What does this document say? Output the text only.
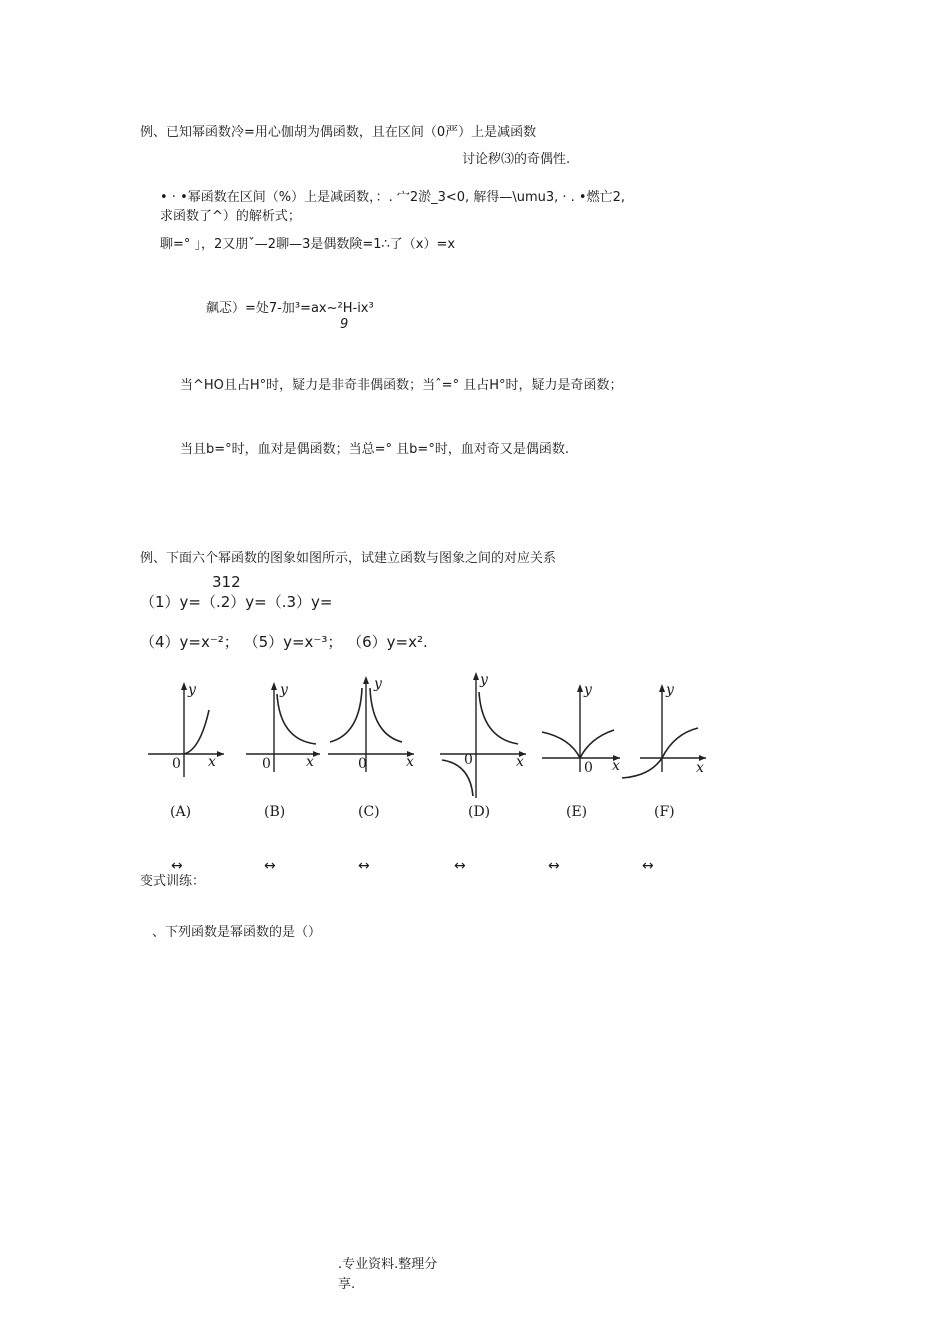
例、已知幂函数冷=用心伽胡为偶函数，且在区间（0严）上是减函数
讨论秽⑶的奇偶性.
• · •幂函数在区间（%）上是减函数，：. 宀2淤_3<0, 解得—\umu3, · . •燃亡2,
求函数了^）的解析式；
聊=° 」，2又朋ˇ—2聊—3是偶数険=1∴了（x）=x
飙忑）=处7-加³=ax~²H-ix³
9
当^HO且占H°时，疑力是非奇非偶函数；当ˆ=° 且占H°时，疑力是奇函数；
当且b=°时，血对是偶函数；当总=° 且b=°时，血对奇又是偶函数.
例、下面六个幂函数的图象如图所示，试建立函数与图象之间的对应关系
312
（1）y=（.2）y=（.3）y=
（4）y=x⁻²； （5）y=x⁻³； （6）y=x².
y
0 x
(A)
y
0	x
(B)
y
0	x
(C)
y
0	x
(D)
y
0 x
(E)
y
x
(F)
↔	↔	↔	↔	↔	↔
变式训练：
、下列函数是幂函数的是（）
.专业资料.整理分
享.
